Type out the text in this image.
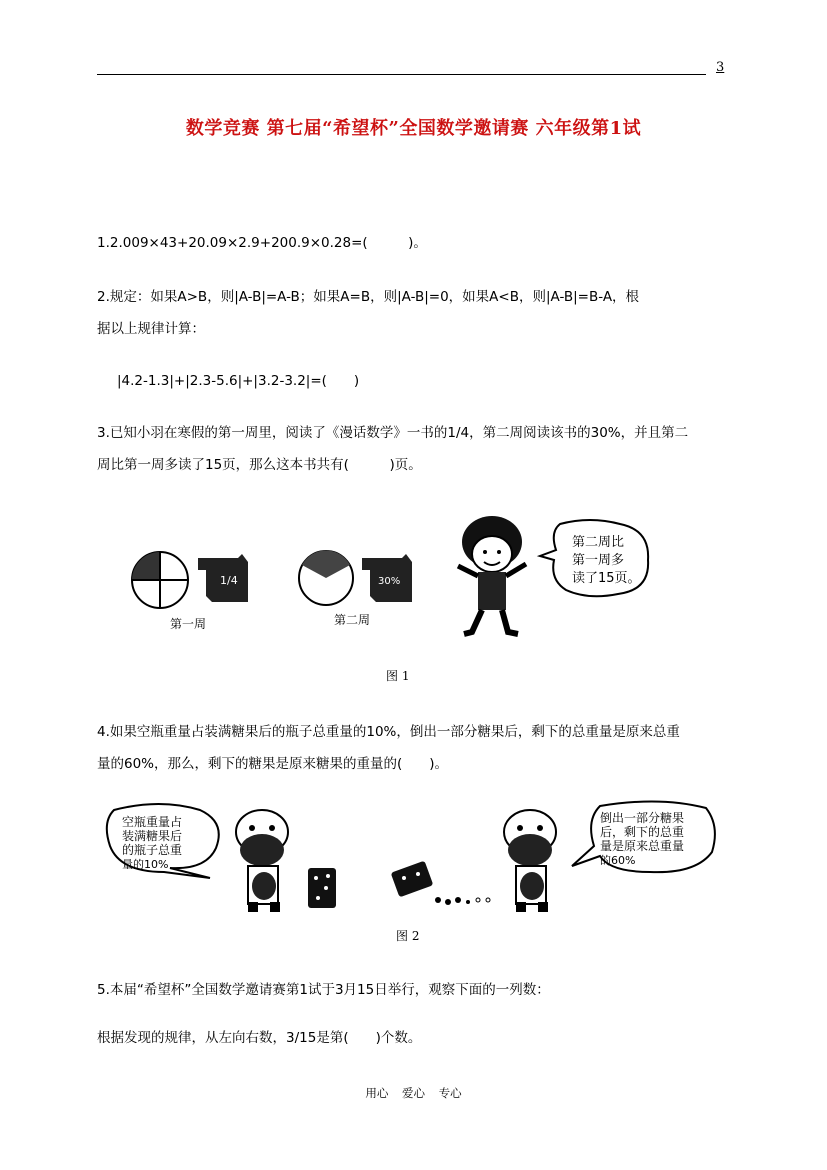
3
数学竞赛 第七届“希望杯”全国数学邀请赛 六年级第1试
1.2.009×43+20.09×2.9+200.9×0.28=(　　　)。
2.规定：如果A>B，则|A-B|=A-B；如果A=B，则|A-B|=0，如果A<B，则|A-B|=B-A，根
据以上规律计算：
|4.2-1.3|+|2.3-5.6|+|3.2-3.2|=(　　)
3.已知小羽在寒假的第一周里，阅读了《漫话数学》一书的1/4，第二周阅读该书的30%，并且第二
周比第一周多读了15页，那么这本书共有(　　　)页。
1/4
第一周
30%
第二周
第二周比
第一周多
读了15页。
图 1
4.如果空瓶重量占装满糖果后的瓶子总重量的10%，倒出一部分糖果后，剩下的总重量是原来总重
量的60%，那么，剩下的糖果是原来糖果的重量的(　　)。
空瓶重量占
装满糖果后
的瓶子总重
量的10%
倒出一部分糖果
后，剩下的总重
量是原来总重量
的60%
图 2
5.本届“希望杯”全国数学邀请赛第1试于3月15日举行，观察下面的一列数：
根据发现的规律，从左向右数，3/15是第(　　)个数。
用心 爱心 专心
